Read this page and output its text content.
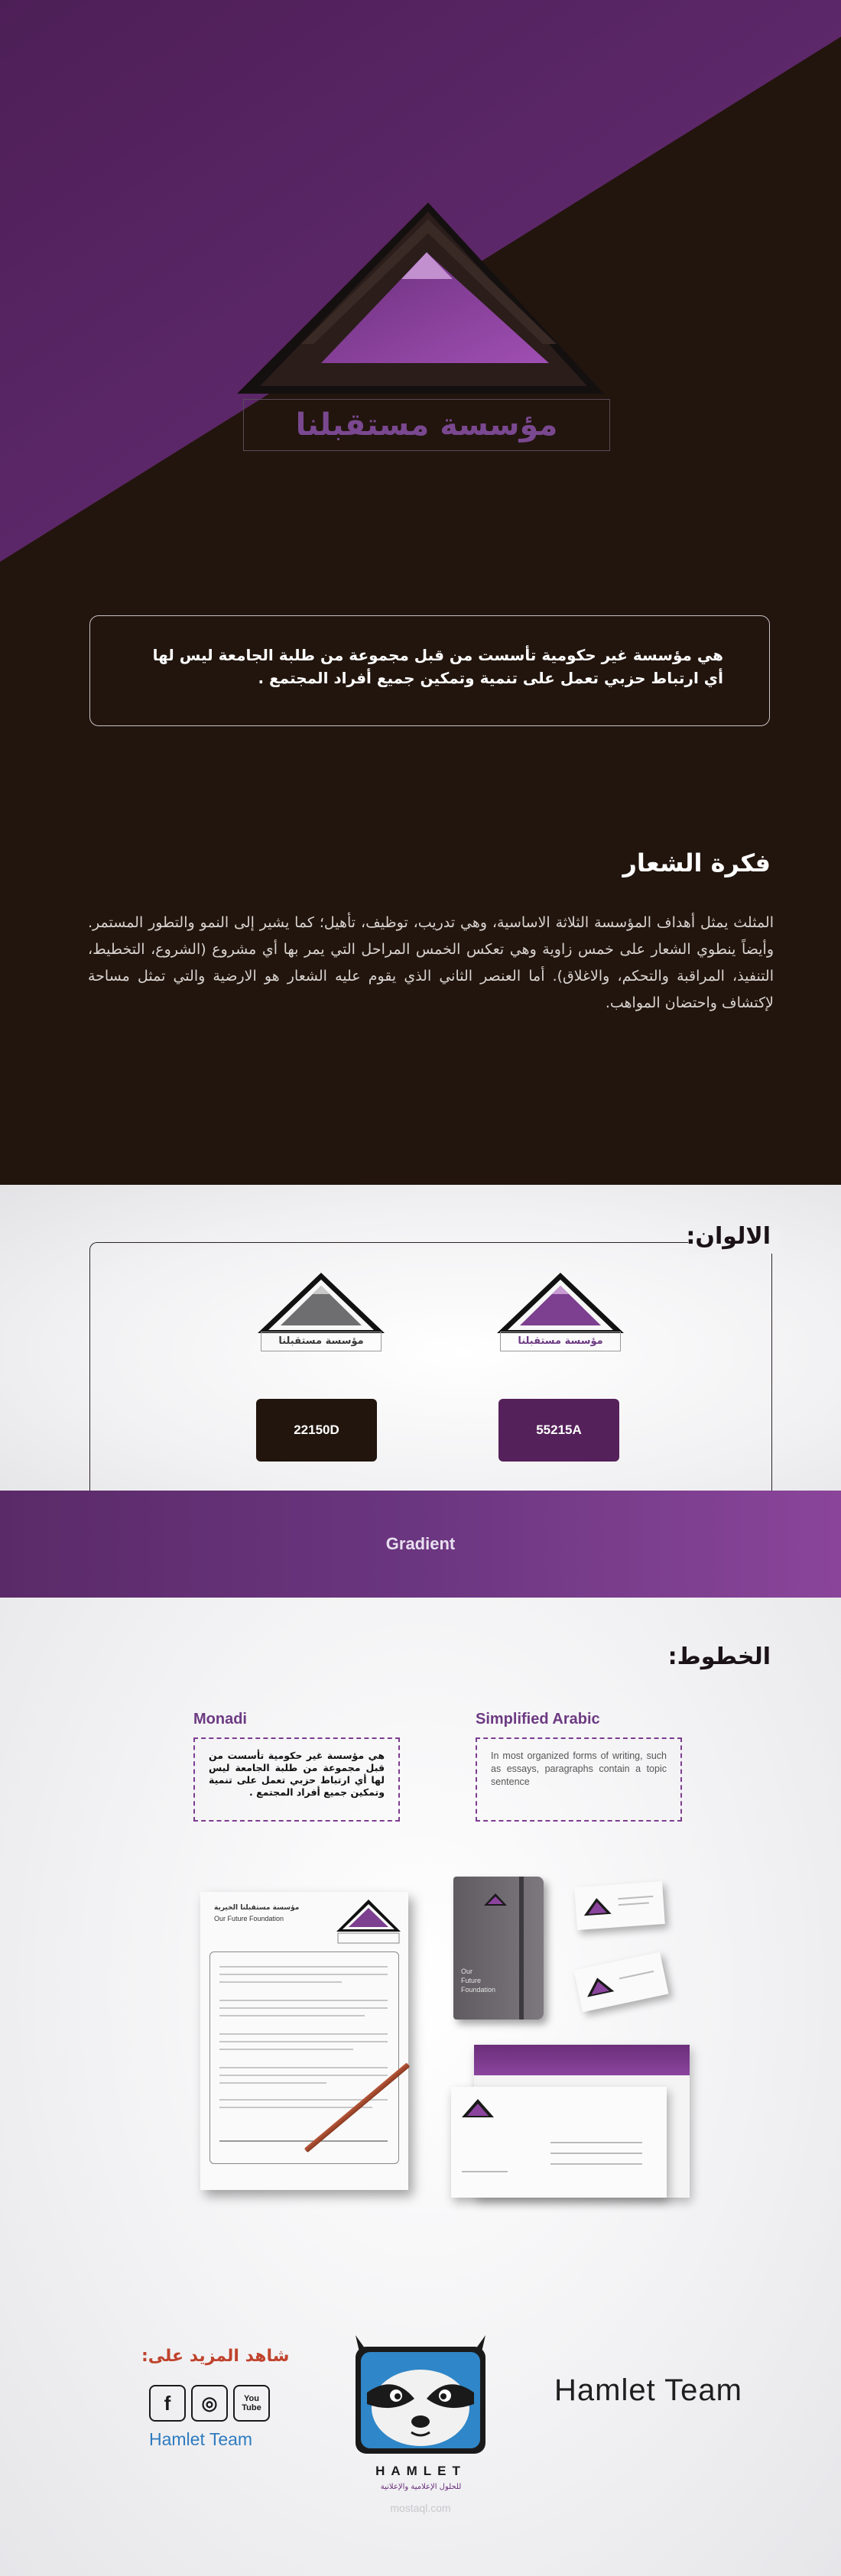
مؤسسة مستقبلنا

هي مؤسسة غير حكومية تأسست من قبل مجموعة من طلبة الجامعة ليس لها أي ارتباط حزبي تعمل على تنمية وتمكين جميع أفراد المجتمع .

فكرة الشعار

المثلث يمثل أهداف المؤسسة الثلاثة الاساسية، وهي تدريب، توظيف، تأهيل؛ كما يشير إلى النمو والتطور المستمر. وأيضاً ينطوي الشعار على خمس زاوية وهي تعكس الخمس المراحل التي يمر بها أي مشروع (الشروع، التخطيط، التنفيذ، المراقبة والتحكم، والاغلاق). أما العنصر الثاني الذي يقوم عليه الشعار هو الارضية والتي تمثل مساحة لإكتشاف واحتضان المواهب.

الالوان:
مؤسسة مستقبلنا	مؤسسة مستقبلنا
22150D	55215A
Gradient
الخطوط:
Monadi

هي مؤسسة غير حكومية تأسست من قبل مجموعة من طلبة الجامعة ليس لها أي ارتباط حزبي تعمل على تنمية وتمكين جميع أفراد المجتمع .

Simplified Arabic

In most organized forms of writing, such as essays, paragraphs contain a topic sentence

مؤسسة مستقبلنا الخيرية
Our Future Foundation
Our
Future
Foundation
شاهد المزيد على:
f	◎	You Tube
Hamlet Team
HAMLET
للحلول الإعلامية والإعلانية
mostaql.com
Hamlet Team
